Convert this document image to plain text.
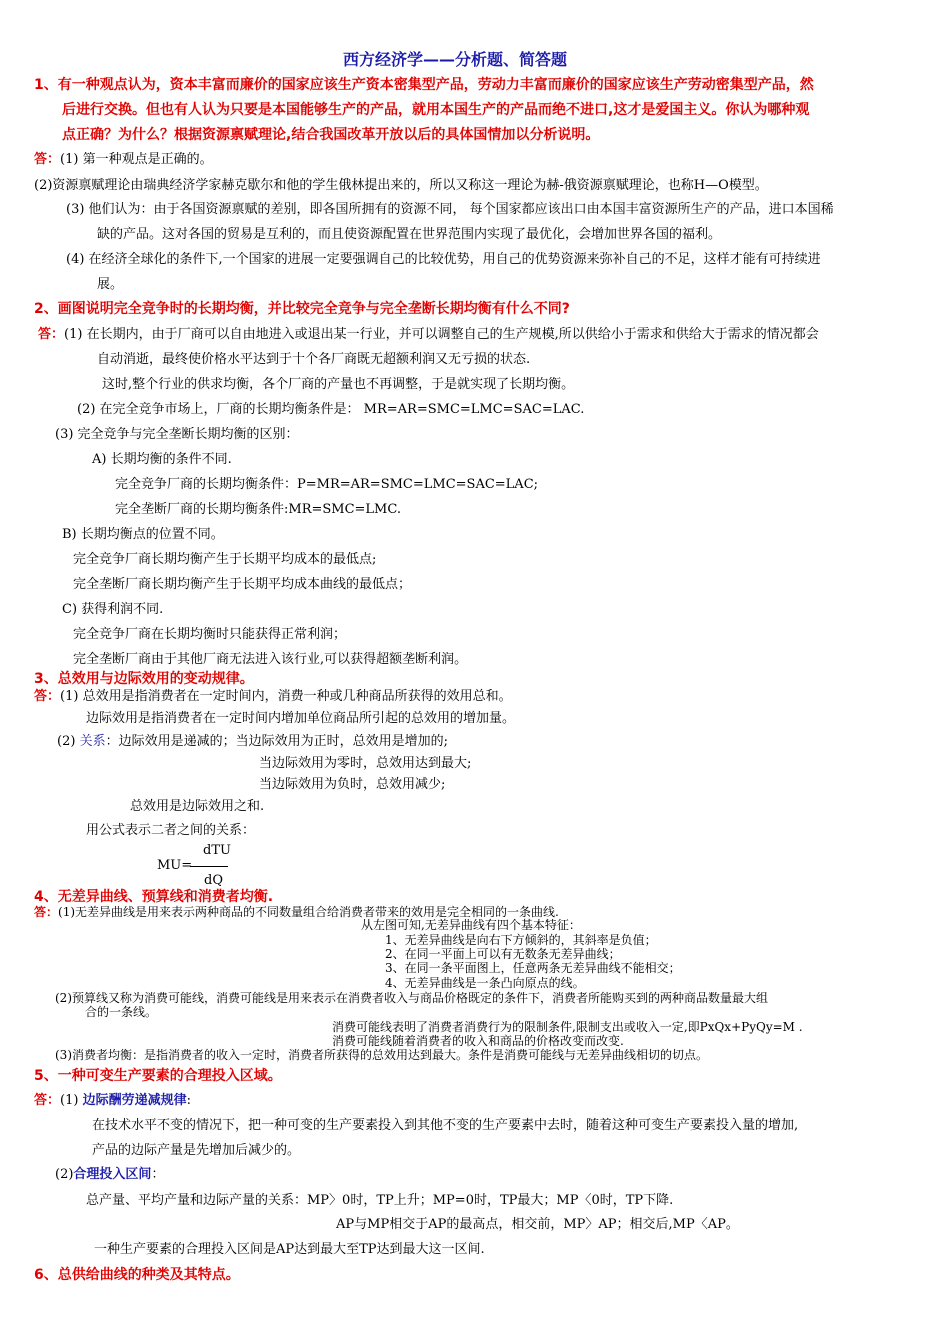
西方经济学——分析题、简答题
1、有一种观点认为，资本丰富而廉价的国家应该生产资本密集型产品，劳动力丰富而廉价的国家应该生产劳动密集型产品，然
后进行交换。但也有人认为只要是本国能够生产的产品，就用本国生产的产品而绝不进口,这才是爱国主义。你认为哪种观
点正确？为什么？根据资源禀赋理论,结合我国改革开放以后的具体国情加以分析说明。
答：(1) 第一种观点是正确的。
(2)资源禀赋理论由瑞典经济学家赫克歇尔和他的学生俄林提出来的，所以又称这一理论为赫-俄资源禀赋理论，也称H—O模型。
(3) 他们认为：由于各国资源禀赋的差别，即各国所拥有的资源不同， 每个国家都应该出口由本国丰富资源所生产的产品，进口本国稀
缺的产品。这对各国的贸易是互利的，而且使资源配置在世界范围内实现了最优化，会增加世界各国的福利。
(4) 在经济全球化的条件下,一个国家的进展一定要强调自己的比较优势，用自己的优势资源来弥补自己的不足，这样才能有可持续进
展。
2、画图说明完全竞争时的长期均衡，并比较完全竞争与完全垄断长期均衡有什么不同?
答：(1) 在长期内，由于厂商可以自由地进入或退出某一行业，并可以调整自己的生产规模,所以供给小于需求和供给大于需求的情况都会
自动消逝，最终使价格水平达到于十个各厂商既无超额利润又无亏损的状态.
这时,整个行业的供求均衡，各个厂商的产量也不再调整，于是就实现了长期均衡。
(2) 在完全竞争市场上，厂商的长期均衡条件是： MR=AR=SMC=LMC=SAC=LAC.
(3) 完全竞争与完全垄断长期均衡的区别：
A) 长期均衡的条件不同.
完全竞争厂商的长期均衡条件：P=MR=AR=SMC=LMC=SAC=LAC;
完全垄断厂商的长期均衡条件:MR=SMC=LMC.
B) 长期均衡点的位置不同。
完全竞争厂商长期均衡产生于长期平均成本的最低点;
完全垄断厂商长期均衡产生于长期平均成本曲线的最低点；
C) 获得利润不同.
完全竞争厂商在长期均衡时只能获得正常利润；
完全垄断厂商由于其他厂商无法进入该行业,可以获得超额垄断利润。
3、总效用与边际效用的变动规律。
答：(1) 总效用是指消费者在一定时间内，消费一种或几种商品所获得的效用总和。
边际效用是指消费者在一定时间内增加单位商品所引起的总效用的增加量。
(2) 关系：边际效用是递减的；当边际效用为正时，总效用是增加的;
当边际效用为零时，总效用达到最大;
当边际效用为负时，总效用减少;
总效用是边际效用之和.
用公式表示二者之间的关系：
dTU
MU=
dQ
4、无差异曲线、预算线和消费者均衡.
答：(1)无差异曲线是用来表示两种商品的不同数量组合给消费者带来的效用是完全相同的一条曲线.
从左图可知,无差异曲线有四个基本特征：
1、无差异曲线是向右下方倾斜的，其斜率是负值；
2、在同一平面上可以有无数条无差异曲线；
3、在同一条平面图上，任意两条无差异曲线不能相交；
4、无差异曲线是一条凸向原点的线。
(2)预算线又称为消费可能线，消费可能线是用来表示在消费者收入与商品价格既定的条件下，消费者所能购买到的两种商品数量最大组
合的一条线。
消费可能线表明了消费者消费行为的限制条件,限制支出或收入一定,即PxQx+PyQy=M .
消费可能线随着消费者的收入和商品的价格改变而改变.
(3)消费者均衡：是指消费者的收入一定时，消费者所获得的总效用达到最大。条件是消费可能线与无差异曲线相切的切点。
5、一种可变生产要素的合理投入区域。
答：(1) 边际酬劳递减规律:
在技术水平不变的情况下，把一种可变的生产要素投入到其他不变的生产要素中去时，随着这种可变生产要素投入量的增加,
产品的边际产量是先增加后减少的。
(2)合理投入区间：
总产量、平均产量和边际产量的关系：MP〉0时，TP上升；MP=0时，TP最大；MP〈0时，TP下降.
AP与MP相交于AP的最高点，相交前，MP〉AP；相交后,MP〈AP。
一种生产要素的合理投入区间是AP达到最大至TP达到最大这一区间.
6、总供给曲线的种类及其特点。
